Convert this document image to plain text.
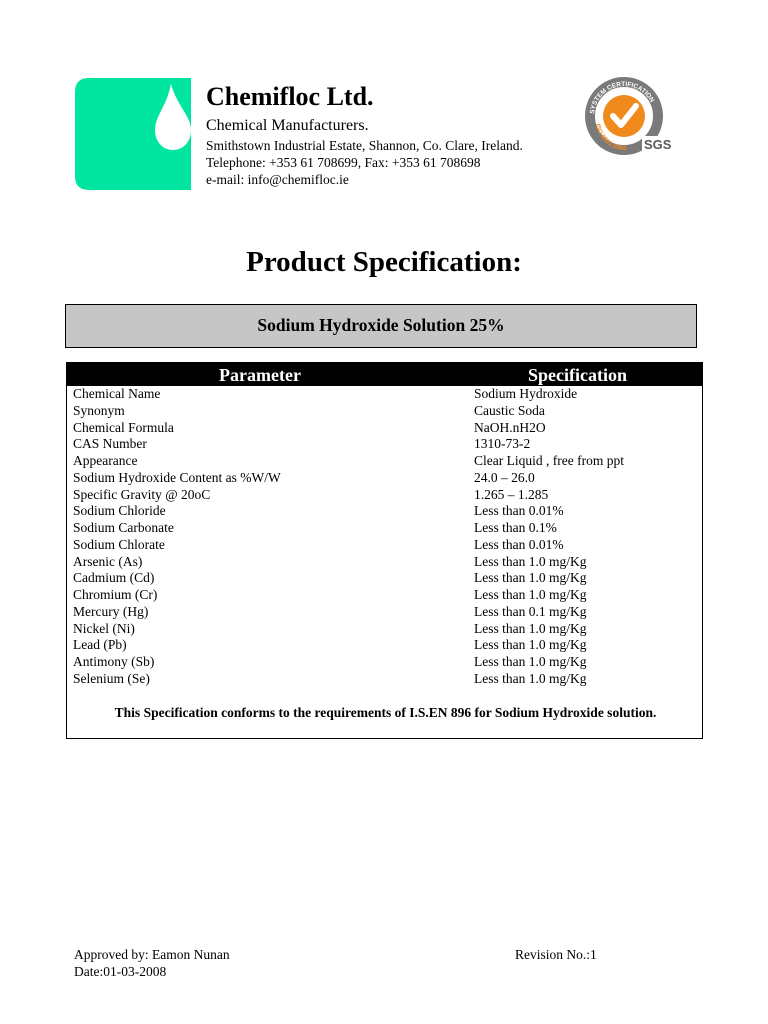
Chemifloc Ltd.
Chemical Manufacturers.
Smithstown Industrial Estate, Shannon, Co. Clare, Ireland.
Telephone: +353 61 708699, Fax: +353 61 708698
e-mail: info@chemifloc.ie
SYSTEM CERTIFICATION
ISO 9001:2000 SGS
Product Specification:
Sodium Hydroxide Solution 25%
Parameter	Specification
Chemical Name	Sodium Hydroxide
Synonym	Caustic Soda
Chemical Formula	NaOH.nH2O
CAS Number	1310-73-2
Appearance	Clear Liquid , free from ppt
Sodium Hydroxide Content as %W/W	24.0 – 26.0
Specific Gravity @ 20oC	1.265 – 1.285
Sodium Chloride	Less than 0.01%
Sodium Carbonate	Less than 0.1%
Sodium Chlorate	Less than 0.01%
Arsenic (As)	Less than 1.0 mg/Kg
Cadmium (Cd)	Less than 1.0 mg/Kg
Chromium (Cr)	Less than 1.0 mg/Kg
Mercury (Hg)	Less than 0.1 mg/Kg
Nickel (Ni)	Less than 1.0 mg/Kg
Lead (Pb)	Less than 1.0 mg/Kg
Antimony (Sb)	Less than 1.0 mg/Kg
Selenium (Se)	Less than 1.0 mg/Kg
This Specification conforms to the requirements of I.S.EN 896 for Sodium Hydroxide solution.
Approved by: Eamon Nunan	Revision No.:1
Date:01-03-2008
